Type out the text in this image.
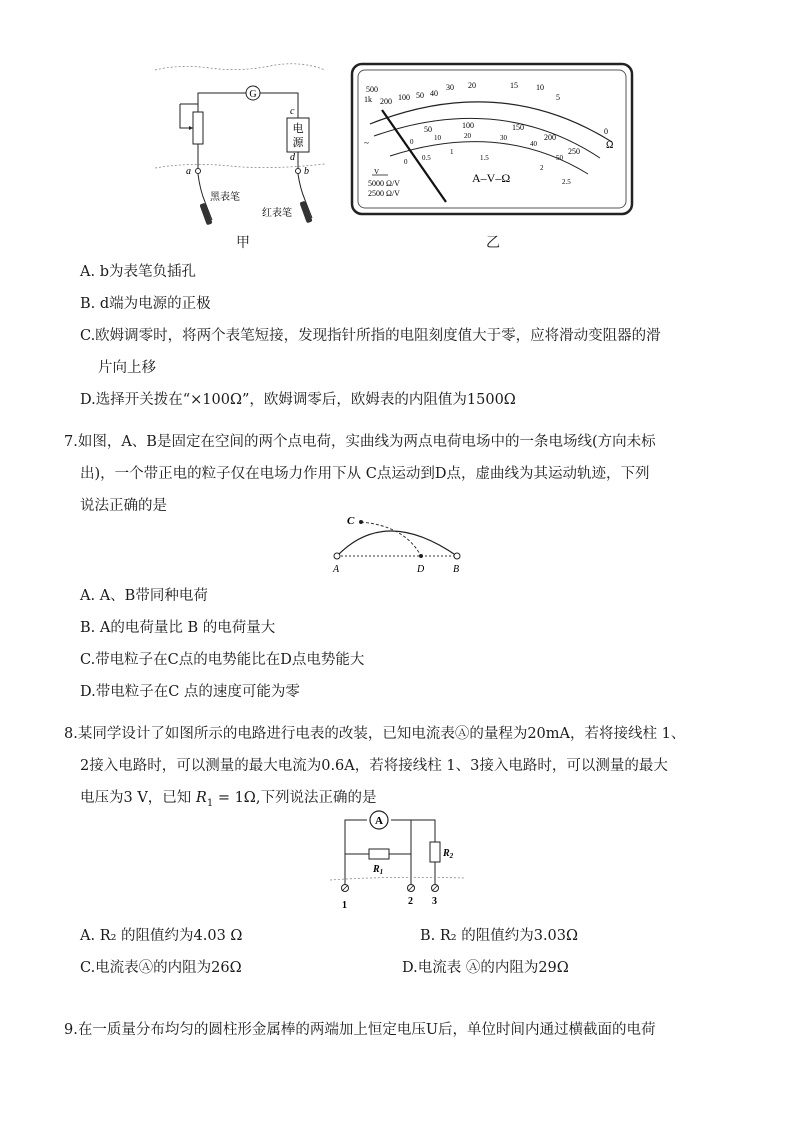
G
电
源
c
d
a	b
黑表笔
红表笔
甲
500
1k 200 100 50 40
30 20	15 10
5
0
Ω
50	100	150
200
250
0	10	20	30
40
50
0 0.5
1
1.5
2
2.5
~
V	A–V–Ω
5000 Ω/V
2500 Ω/V
乙
A. b为表笔负插孔
B. d端为电源的正极
C.欧姆调零时，将两个表笔短接，发现指针所指的电阻刻度值大于零，应将滑动变阻器的滑
片向上移
D.选择开关拨在“×100Ω”，欧姆调零后，欧姆表的内阻值为1500Ω
7.如图，A、B是固定在空间的两个点电荷，实曲线为两点电荷电场中的一条电场线(方向未标
出)，一个带正电的粒子仅在电场力作用下从 C点运动到D点，虚曲线为其运动轨迹，下列
说法正确的是
C
A	D	B
A. A、B带同种电荷
B. A的电荷量比 B 的电荷量大
C.带电粒子在C点的电势能比在D点电势能大
D.带电粒子在C 点的速度可能为零
8.某同学设计了如图所示的电路进行电表的改装，已知电流表Ⓐ的量程为20mA，若将接线柱 1、
2接入电路时，可以测量的最大电流为0.6A，若将接线柱 1、3接入电路时，可以测量的最大
电压为3 V，已知 $R_1 = 1\Omega$,下列说法正确的是
A
$R_1$
$R_2$
1	2 3
A. R₂ 的阻值约为4.03 Ω	B. R₂ 的阻值约为3.03Ω
C.电流表Ⓐ的内阻为26Ω	D.电流表 Ⓐ的内阻为29Ω
9.在一质量分布均匀的圆柱形金属棒的两端加上恒定电压U后，单位时间内通过横截面的电荷
